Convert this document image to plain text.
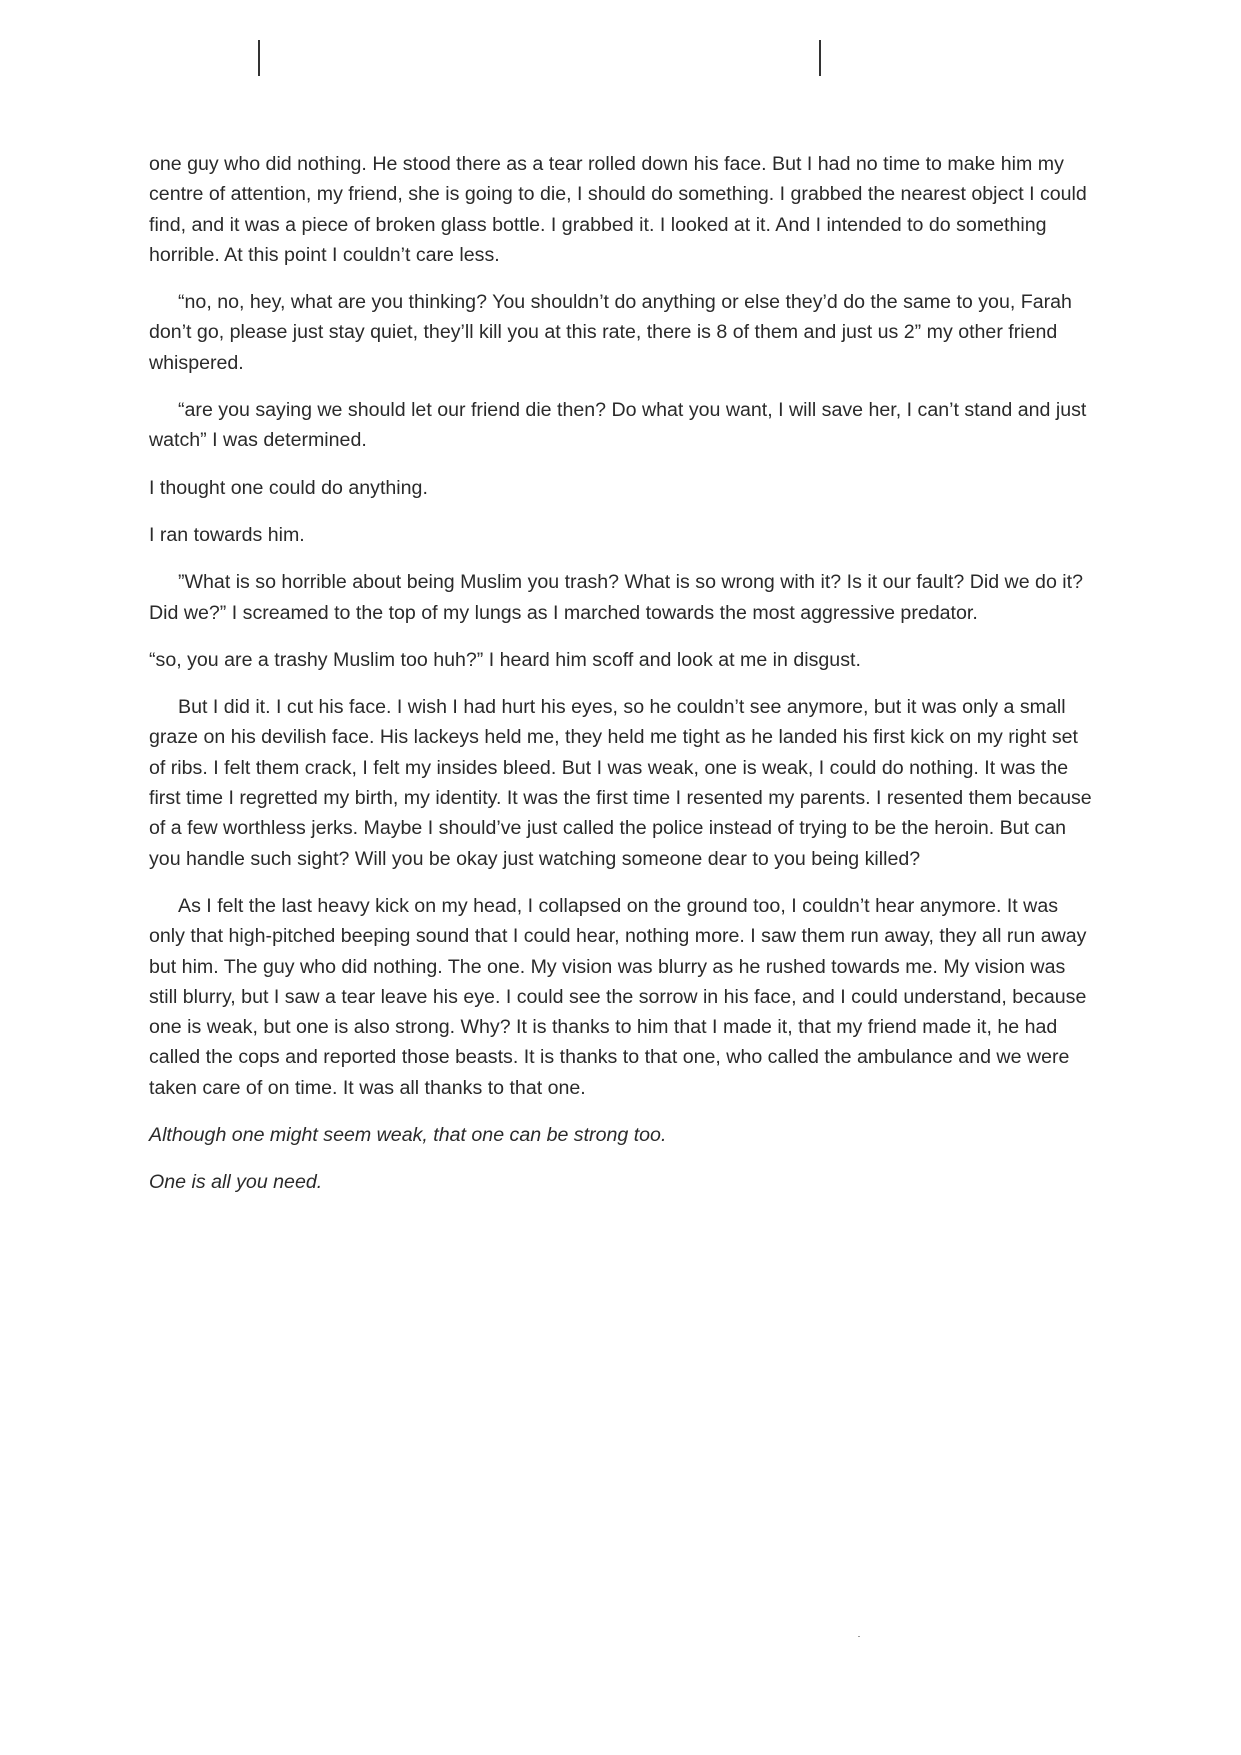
one guy who did nothing. He stood there as a tear rolled down his face. But I had no time to make him my centre of attention, my friend, she is going to die, I should do something. I grabbed the nearest object I could find, and it was a piece of broken glass bottle. I grabbed it. I looked at it. And I intended to do something horrible. At this point I couldn’t care less.

“no, no, hey, what are you thinking? You shouldn’t do anything or else they’d do the same to you, Farah don’t go, please just stay quiet, they’ll kill you at this rate, there is 8 of them and just us 2” my other friend whispered.

“are you saying we should let our friend die then? Do what you want, I will save her, I can’t stand and just watch” I was determined.

I thought one could do anything.

I ran towards him.

”What is so horrible about being Muslim you trash? What is so wrong with it? Is it our fault? Did we do it? Did we?” I screamed to the top of my lungs as I marched towards the most aggressive predator.

“so, you are a trashy Muslim too huh?” I heard him scoff and look at me in disgust.

But I did it. I cut his face. I wish I had hurt his eyes, so he couldn’t see anymore, but it was only a small graze on his devilish face. His lackeys held me, they held me tight as he landed his first kick on my right set of ribs. I felt them crack, I felt my insides bleed. But I was weak, one is weak, I could do nothing. It was the first time I regretted my birth, my identity. It was the first time I resented my parents. I resented them because of a few worthless jerks. Maybe I should’ve just called the police instead of trying to be the heroin. But can you handle such sight? Will you be okay just watching someone dear to you being killed?

As I felt the last heavy kick on my head, I collapsed on the ground too, I couldn’t hear anymore. It was only that high-pitched beeping sound that I could hear, nothing more. I saw them run away, they all run away but him. The guy who did nothing. The one. My vision was blurry as he rushed towards me. My vision was still blurry, but I saw a tear leave his eye. I could see the sorrow in his face, and I could understand, because one is weak, but one is also strong. Why? It is thanks to him that I made it, that my friend made it, he had called the cops and reported those beasts. It is thanks to that one, who called the ambulance and we were taken care of on time. It was all thanks to that one.

Although one might seem weak, that one can be strong too.

One is all you need.
